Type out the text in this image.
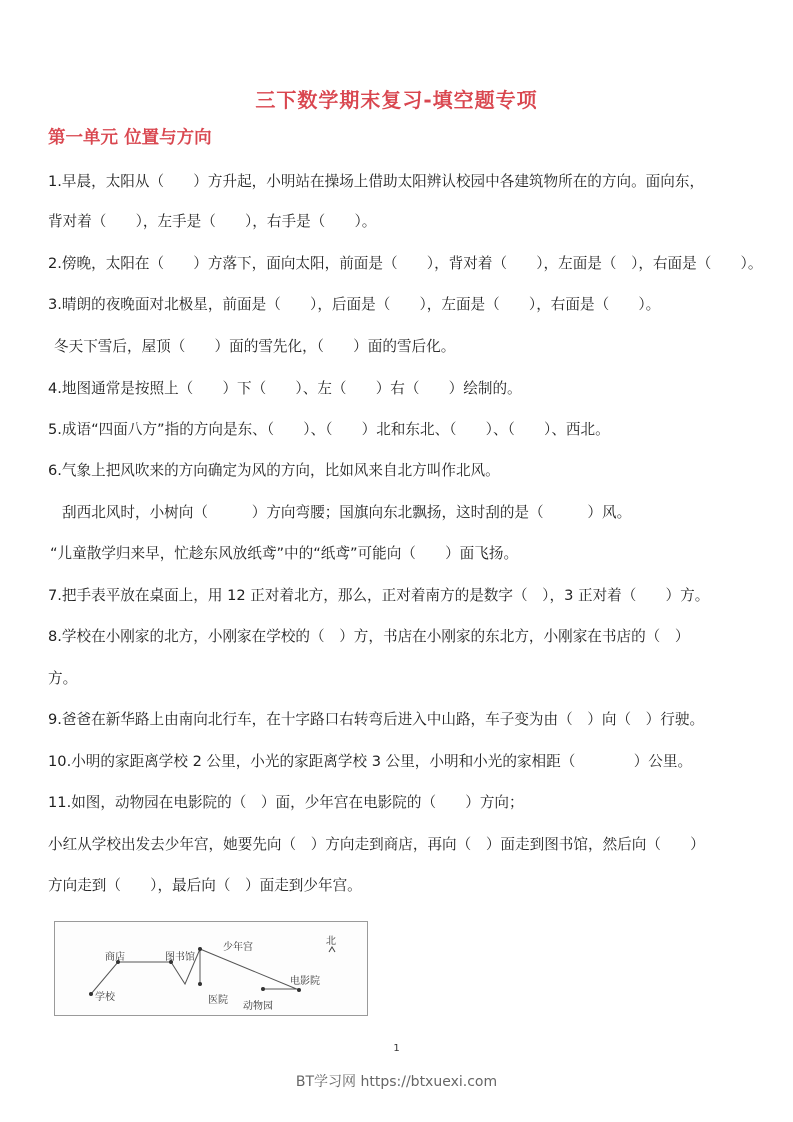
三下数学期末复习-填空题专项
第一单元 位置与方向
1.早晨，太阳从（　　）方升起，小明站在操场上借助太阳辨认校园中各建筑物所在的方向。面向东，
背对着（　　），左手是（　　），右手是（　　）。
2.傍晚，太阳在（　　）方落下，面向太阳，前面是（　　），背对着（　　），左面是（　），右面是（　　）。
3.晴朗的夜晚面对北极星，前面是（　　），后面是（　　），左面是（　　），右面是（　　）。
冬天下雪后，屋顶（　　）面的雪先化，（　　）面的雪后化。
4.地图通常是按照上（　　）下（　　）、左（　　）右（　　）绘制的。
5.成语“四面八方”指的方向是东、（　　）、（　　）北和东北、（　　）、（　　）、西北。
6.气象上把风吹来的方向确定为风的方向，比如风来自北方叫作北风。
刮西北风时，小树向（　　　）方向弯腰；国旗向东北飘扬，这时刮的是（　　　）风。
“儿童散学归来早，忙趁东风放纸鸢”中的“纸鸢”可能向（　　）面飞扬。
7.把手表平放在桌面上，用 12 正对着北方，那么，正对着南方的是数字（　），3 正对着（　　）方。
8.学校在小刚家的北方，小刚家在学校的（　）方，书店在小刚家的东北方，小刚家在书店的（　）
方。
9.爸爸在新华路上由南向北行车，在十字路口右转弯后进入中山路，车子变为由（　）向（　）行驶。
10.小明的家距离学校 2 公里，小光的家距离学校 3 公里，小明和小光的家相距（　　　　）公里。
11.如图，动物园在电影院的（　）面，少年宫在电影院的（　　）方向；
小红从学校出发去少年宫，她要先向（　）方向走到商店，再向（　）面走到图书馆，然后向（　　）
方向走到（　　），最后向（　）面走到少年宫。
北
学校
商店	图书馆
少年宫
医院
动物园
电影院
1
BT学习网 https://btxuexi.com
